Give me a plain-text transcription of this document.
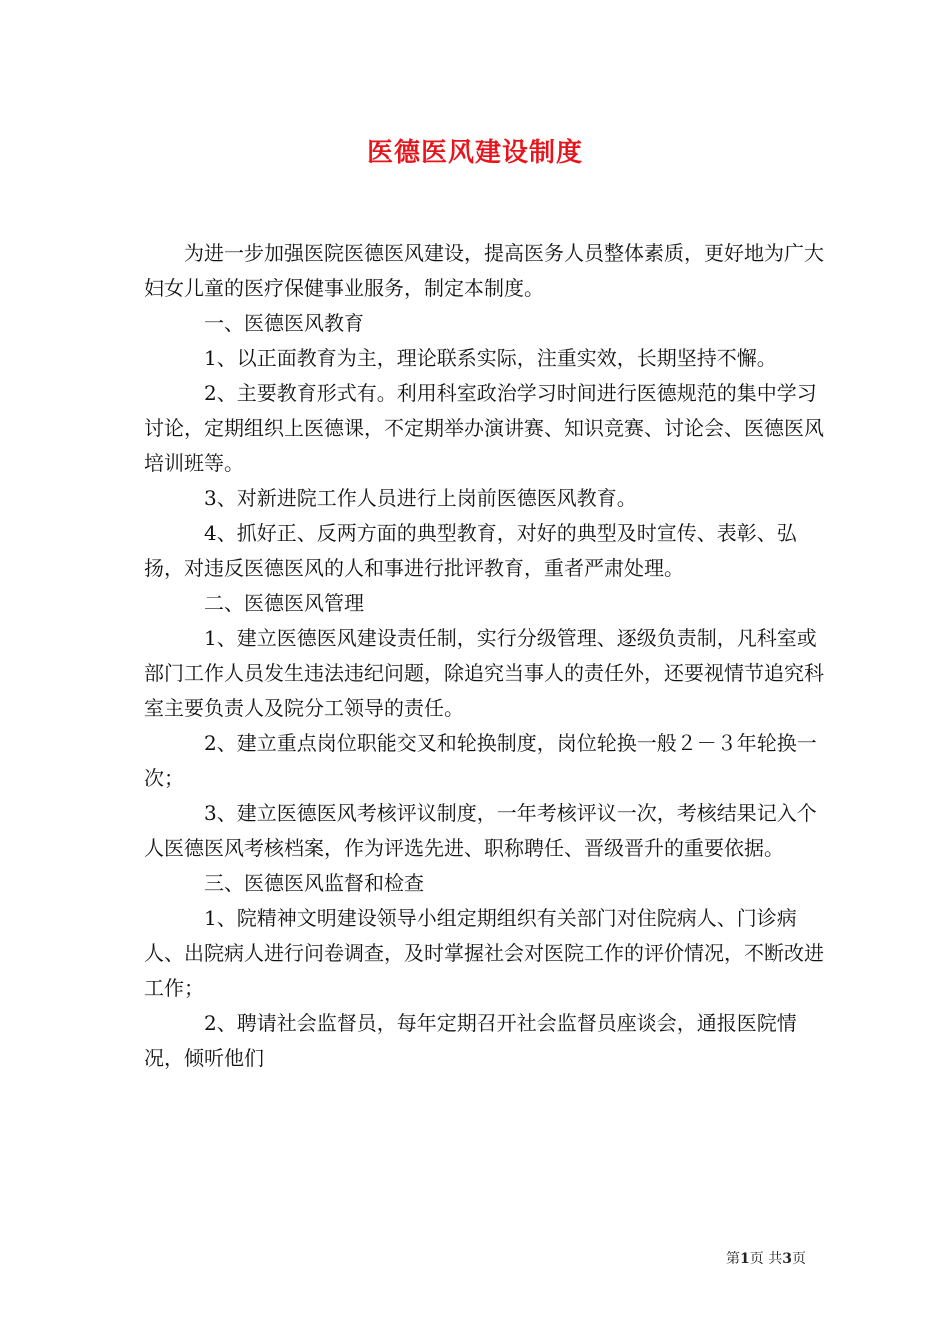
医德医风建设制度

为进一步加强医院医德医风建设，提高医务人员整体素质，更好地为广大妇女儿童的医疗保健事业服务，制定本制度。

一、医德医风教育

1、以正面教育为主，理论联系实际，注重实效，长期坚持不懈。

2、主要教育形式有。利用科室政治学习时间进行医德规范的集中学习讨论，定期组织上医德课，不定期举办演讲赛、知识竞赛、讨论会、医德医风培训班等。

3、对新进院工作人员进行上岗前医德医风教育。

4、抓好正、反两方面的典型教育，对好的典型及时宣传、表彰、弘扬，对违反医德医风的人和事进行批评教育，重者严肃处理。

二、医德医风管理

1、建立医德医风建设责任制，实行分级管理、逐级负责制，凡科室或部门工作人员发生违法违纪问题，除追究当事人的责任外，还要视情节追究科室主要负责人及院分工领导的责任。

2、建立重点岗位职能交叉和轮换制度，岗位轮换一般２－３年轮换一次；

3、建立医德医风考核评议制度，一年考核评议一次，考核结果记入个人医德医风考核档案，作为评选先进、职称聘任、晋级晋升的重要依据。

三、医德医风监督和检查

1、院精神文明建设领导小组定期组织有关部门对住院病人、门诊病人、出院病人进行问卷调查，及时掌握社会对医院工作的评价情况，不断改进工作；

2、聘请社会监督员，每年定期召开社会监督员座谈会，通报医院情况，倾听他们

第1页 共3页
